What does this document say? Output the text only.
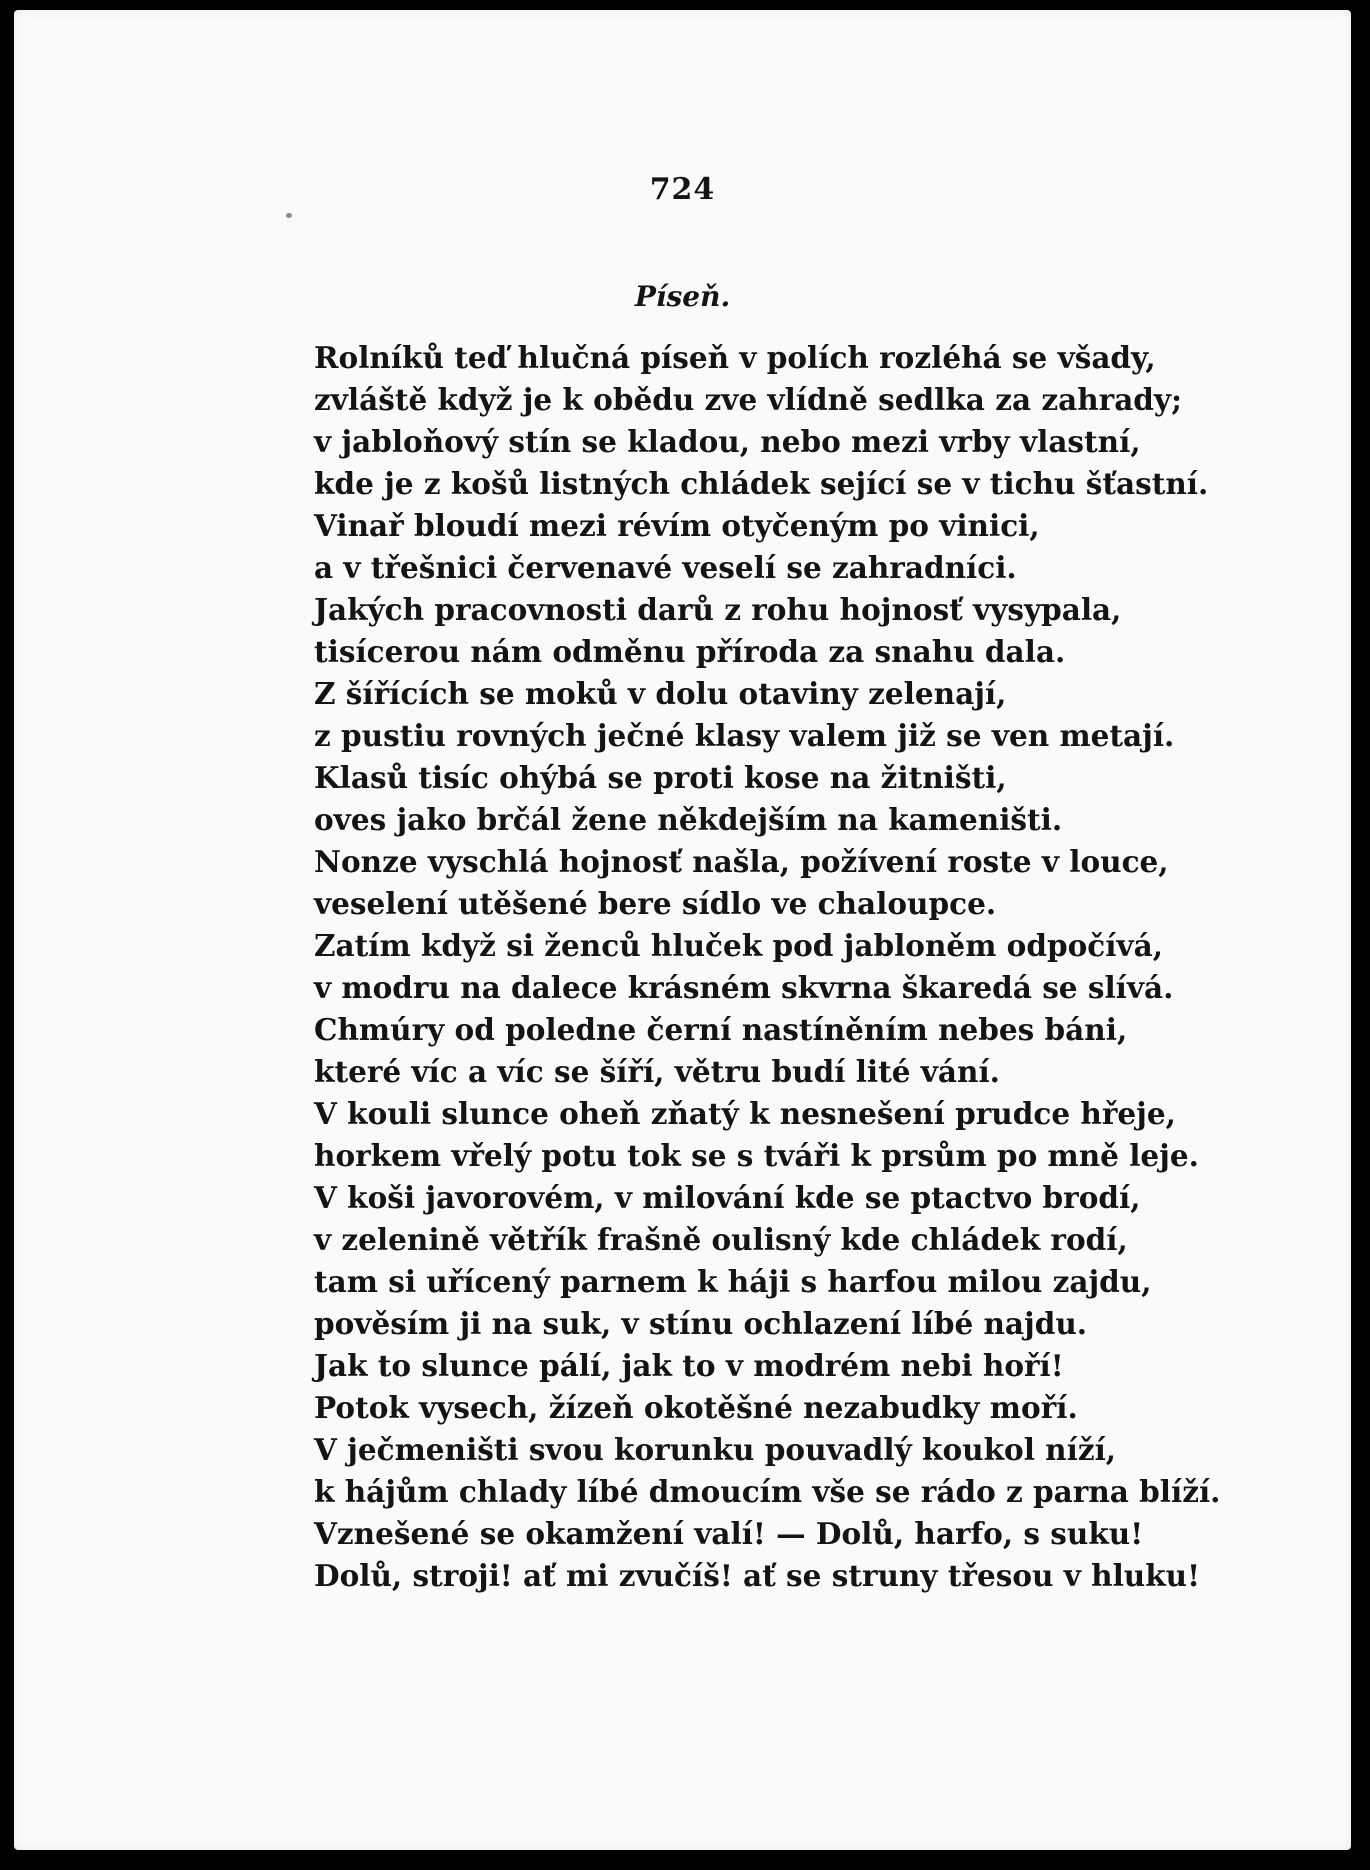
724
Píseň.
Rolníků teď hlučná píseň v polích rozléhá se všady,
zvláště když je k obědu zve vlídně sedlka za zahrady;
v jabloňový stín se kladou, nebo mezi vrby vlastní,
kde je z košů listných chládek sející se v tichu šťastní.
Vinař bloudí mezi révím otyčeným po vinici,
a v třešnici červenavé veselí se zahradníci.
Jakých pracovnosti darů z rohu hojnosť vysypala,
tisícerou nám odměnu příroda za snahu dala.
Z šířících se moků v dolu otaviny zelenají,
z pustiu rovných ječné klasy valem již se ven metají.
Klasů tisíc ohýbá se proti kose na žitništi,
oves jako brčál žene někdejším na kameništi.
Nonze vyschlá hojnosť našla, požívení roste v louce,
veselení utěšené bere sídlo ve chaloupce.
Zatím když si ženců hluček pod jabloněm odpočívá,
v modru na dalece krásném skvrna škaredá se slívá.
Chmúry od poledne černí nastíněním nebes báni,
které víc a víc se šíří, větru budí lité vání.
V kouli slunce oheň zňatý k nesnešení prudce hřeje,
horkem vřelý potu tok se s tváři k prsům po mně leje.
V koši javorovém, v milování kde se ptactvo brodí,
v zelenině větřík frašně oulisný kde chládek rodí,
tam si uřícený parnem k háji s harfou milou zajdu,
pověsím ji na suk, v stínu ochlazení líbé najdu.
Jak to slunce pálí, jak to v modrém nebi hoří!
Potok vysech, žízeň okotěšné nezabudky moří.
V ječmeništi svou korunku pouvadlý koukol níží,
k hájům chlady líbé dmoucím vše se rádo z parna blíží.
Vznešené se okamžení valí! — Dolů, harfo, s suku!
Dolů, stroji! ať mi zvučíš! ať se struny třesou v hluku!
